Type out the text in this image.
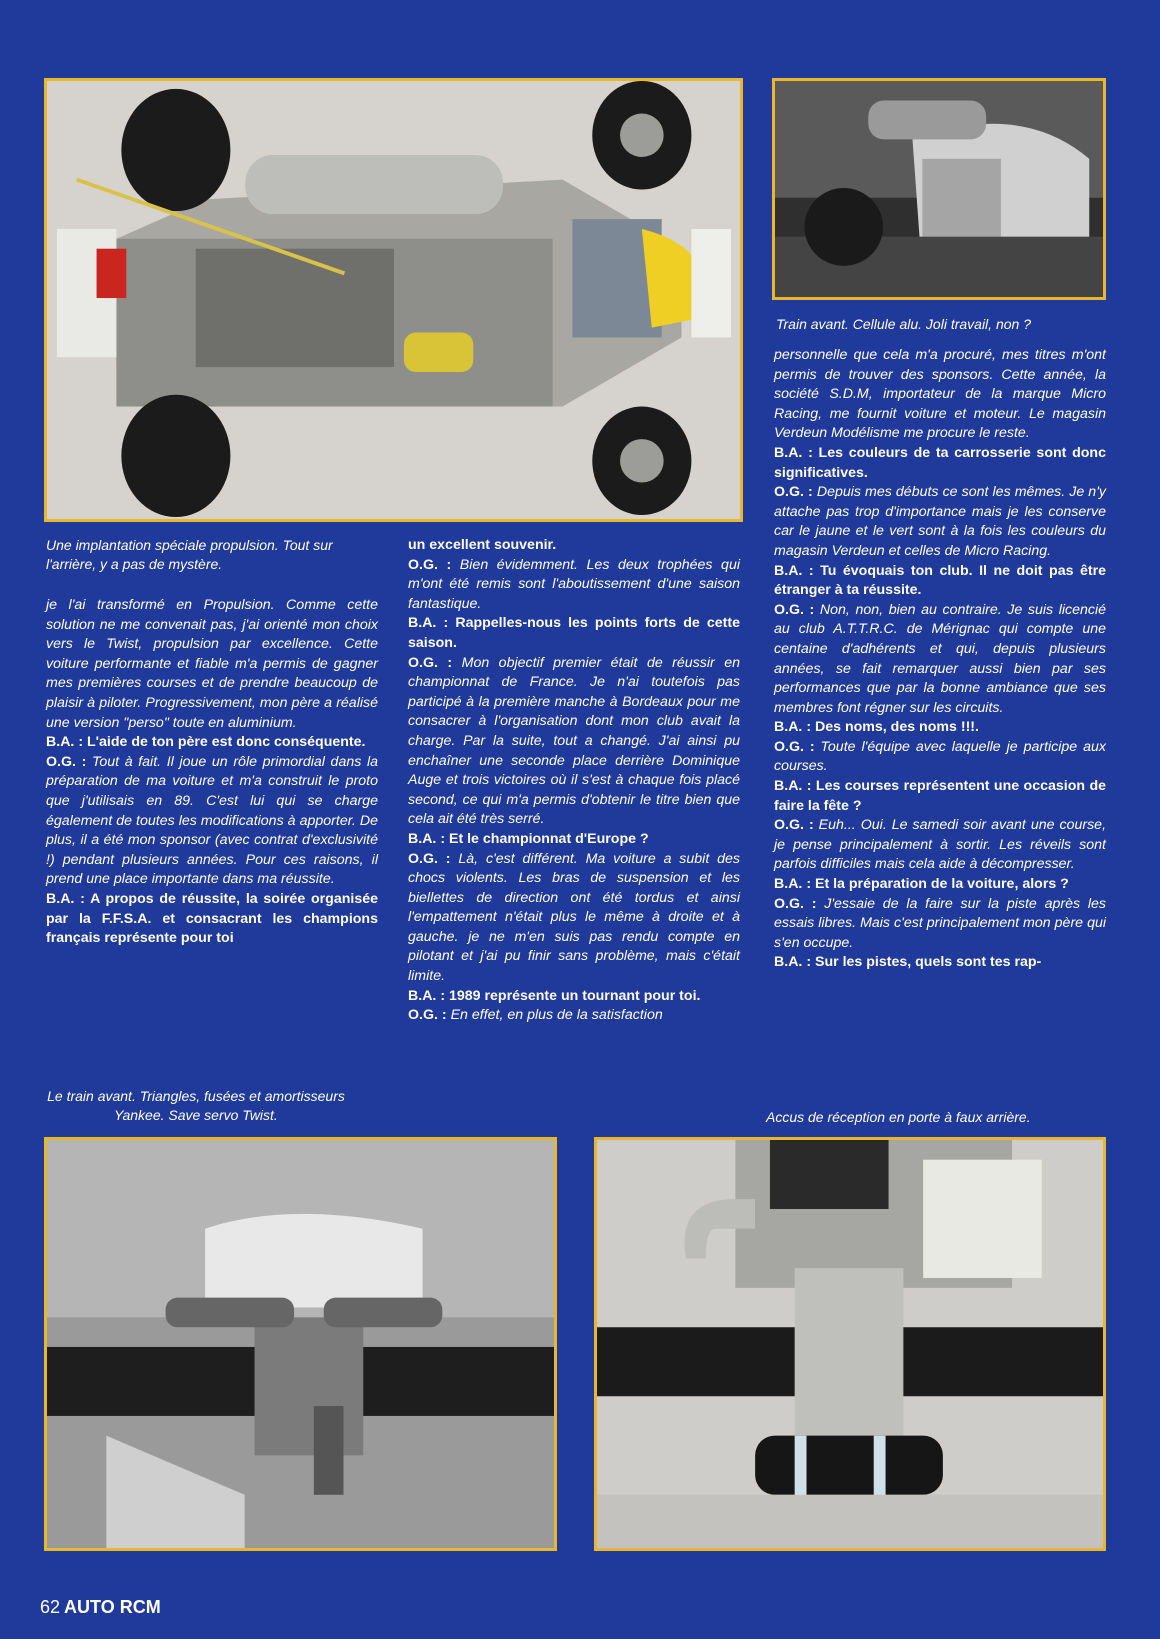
Une implantation spéciale propulsion. Tout sur l'arrière, y a pas de mystère.
Train avant. Cellule alu. Joli travail, non ?
Le train avant. Triangles, fusées et amortisseurs Yankee. Save servo Twist.	Accus de réception en porte à faux arrière.

je l'ai transformé en Propulsion. Comme cette solution ne me convenait pas, j'ai orienté mon choix vers le Twist, propulsion par excellence. Cette voiture performante et fiable m'a permis de gagner mes premières courses et de prendre beaucoup de plaisir à piloter. Progressivement, mon père a réalisé une version "perso" toute en aluminium.

B.A. : L'aide de ton père est donc conséquente.

O.G. : Tout à fait. Il joue un rôle primordial dans la préparation de ma voiture et m'a construit le proto que j'utilisais en 89. C'est lui qui se charge également de toutes les modifications à apporter. De plus, il a été mon sponsor (avec contrat d'exclusivité !) pendant plusieurs années. Pour ces raisons, il prend une place importante dans ma réussite.

B.A. : A propos de réussite, la soirée organisée par la F.F.S.A. et consacrant les champions français représente pour toi

un excellent souvenir.

O.G. : Bien évidemment. Les deux trophées qui m'ont été remis sont l'aboutissement d'une saison fantastique.

B.A. : Rappelles-nous les points forts de cette saison.

O.G. : Mon objectif premier était de réussir en championnat de France. Je n'ai toutefois pas participé à la première manche à Bordeaux pour me consacrer à l'organisation dont mon club avait la charge. Par la suite, tout a changé. J'ai ainsi pu enchaîner une seconde place derrière Dominique Auge et trois victoires où il s'est à chaque fois placé second, ce qui m'a permis d'obtenir le titre bien que cela ait été très serré.

B.A. : Et le championnat d'Europe ?

O.G. : Là, c'est différent. Ma voiture a subit des chocs violents. Les bras de suspension et les biellettes de direction ont été tordus et ainsi l'empattement n'était plus le même à droite et à gauche. je ne m'en suis pas rendu compte en pilotant et j'ai pu finir sans problème, mais c'était limite.

B.A. : 1989 représente un tournant pour toi.

O.G. : En effet, en plus de la satisfaction

personnelle que cela m'a procuré, mes titres m'ont permis de trouver des sponsors. Cette année, la société S.D.M, importateur de la marque Micro Racing, me fournit voiture et moteur. Le magasin Verdeun Modélisme me procure le reste.

B.A. : Les couleurs de ta carrosserie sont donc significatives.

O.G. : Depuis mes débuts ce sont les mêmes. Je n'y attache pas trop d'importance mais je les conserve car le jaune et le vert sont à la fois les couleurs du magasin Verdeun et celles de Micro Racing.

B.A. : Tu évoquais ton club. Il ne doit pas être étranger à ta réussite.

O.G. : Non, non, bien au contraire. Je suis licencié au club A.T.T.R.C. de Mérignac qui compte une centaine d'adhérents et qui, depuis plusieurs années, se fait remarquer aussi bien par ses performances que par la bonne ambiance que ses membres font régner sur les circuits.

B.A. : Des noms, des noms !!!.

O.G. : Toute l'équipe avec laquelle je participe aux courses.

B.A. : Les courses représentent une occasion de faire la fête ?

O.G. : Euh... Oui. Le samedi soir avant une course, je pense principalement à sortir. Les réveils sont parfois difficiles mais cela aide à décompresser.

B.A. : Et la préparation de la voiture, alors ?

O.G. : J'essaie de la faire sur la piste après les essais libres. Mais c'est principalement mon père qui s'en occupe.

B.A. : Sur les pistes, quels sont tes rap-

62 AUTO RCM
